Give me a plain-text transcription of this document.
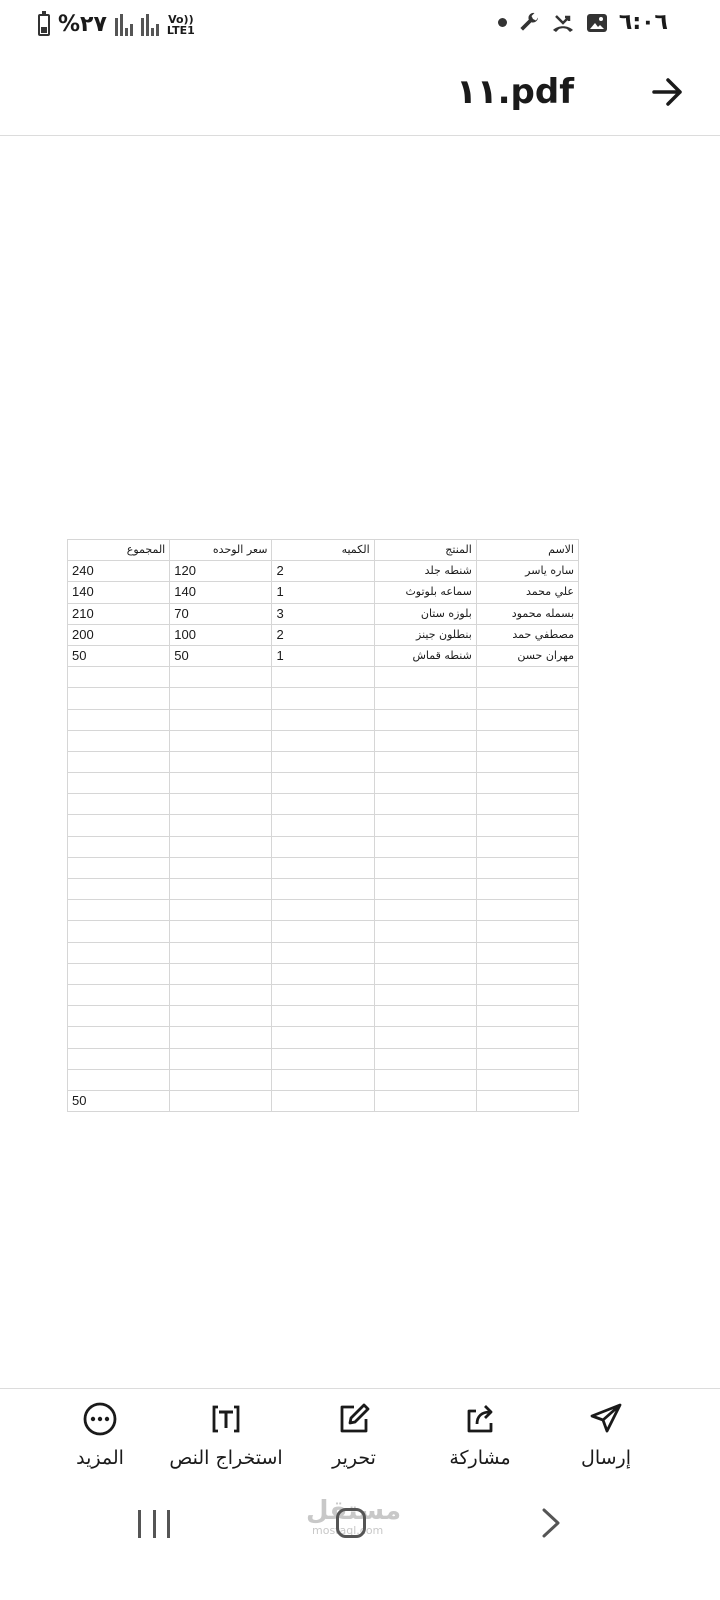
%٢٧	Vo))
LTE1	٦:٠٦
١١.pdf
الاسم	المنتج	الكميه	سعر الوحده	المجموع
ساره ياسر	شنطه جلد	2	120	240
علي محمد	سماعه بلوتوث	1	140	140
بسمله محمود	بلوزه ستان	3	70	210
مصطفي حمد	بنطلون جينز	2	100	200
مهران حسن	شنطه قماش	1	50	50

				50
إرسال
مشاركة
تحرير
استخراج النص
المزيد
مستقل
mostaql.com
